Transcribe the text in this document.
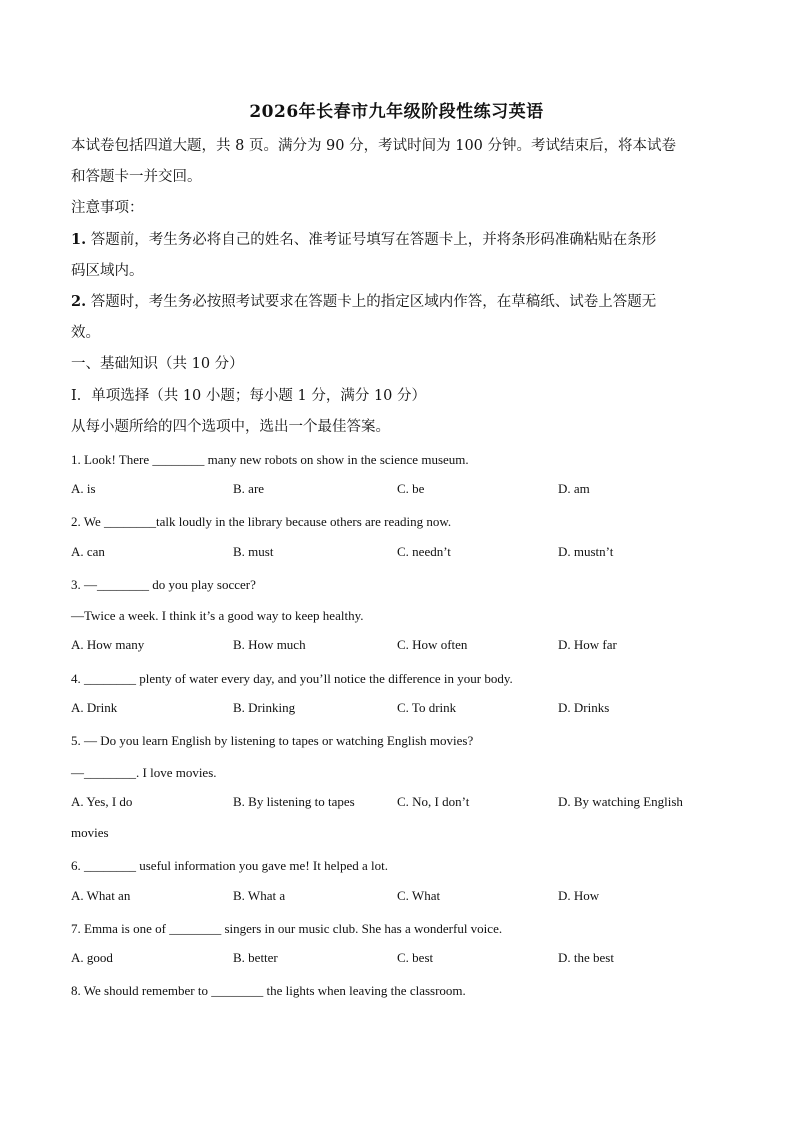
2026年长春市九年级阶段性练习英语
本试卷包括四道大题，共 8 页。满分为 90 分，考试时间为 100 分钟。考试结束后，将本试卷
和答题卡一并交回。
注意事项：
1. 答题前，考生务必将自己的姓名、准考证号填写在答题卡上，并将条形码准确粘贴在条形
码区域内。
2. 答题时，考生务必按照考试要求在答题卡上的指定区域内作答，在草稿纸、试卷上答题无
效。
一、基础知识（共 10 分）
Ⅰ．单项选择（共 10 小题；每小题 1 分，满分 10 分）
从每小题所给的四个选项中，选出一个最佳答案。
1. Look! There ________ many new robots on show in the science museum.
A. is	B. are	C. be	D. am
2. We ________talk loudly in the library because others are reading now.
A. can	B. must	C. needn’t	D. mustn’t
3. —________ do you play soccer?
—Twice a week. I think it’s a good way to keep healthy.
A. How many	B. How much	C. How often	D. How far
4. ________ plenty of water every day, and you’ll notice the difference in your body.
A. Drink	B. Drinking	C. To drink	D. Drinks
5. — Do you learn English by listening to tapes or watching English movies?
—________. I love movies.
A. Yes, I do	B. By listening to tapes	C. No, I don’t	D. By watching English
movies
6. ________ useful information you gave me! It helped a lot.
A. What an	B. What a	C. What	D. How
7. Emma is one of ________ singers in our music club. She has a wonderful voice.
A. good	B. better	C. best	D. the best
8. We should remember to ________ the lights when leaving the classroom.
